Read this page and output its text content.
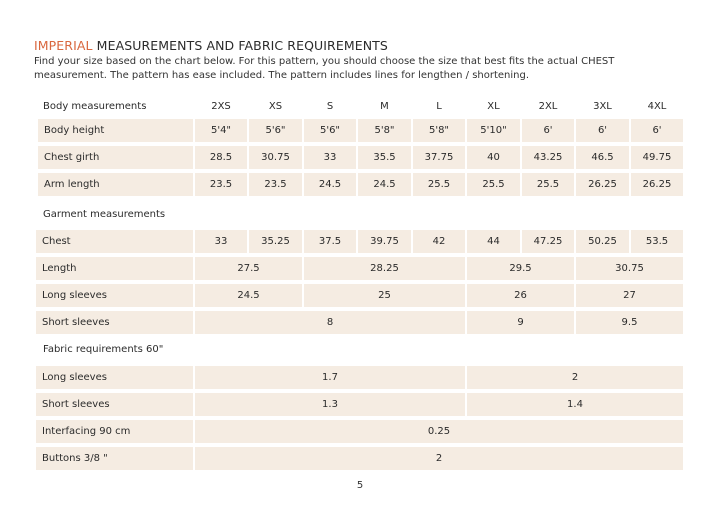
IMPERIAL MEASUREMENTS AND FABRIC REQUIREMENTS
Find your size based on the chart below. For this pattern, you should choose the size that best fits the actual CHEST measurement. The pattern has ease included. The pattern includes lines for lengthen / shortening.
Body measurements	2XS	XS	S	M	L	XL	2XL	3XL	4XL
Body height	5'4"	5'6"	5'6"	5'8"	5'8"	5'10"	6'	6'	6'
Chest girth	28.5	30.75	33	35.5	37.75	40	43.25	46.5	49.75
Arm length	23.5	23.5	24.5	24.5	25.5	25.5	25.5	26.25	26.25
Garment measurements
Chest	33	35.25	37.5	39.75	42	44	47.25	50.25	53.5
Length	27.5	28.25	29.5	30.75
Long sleeves	24.5	25	26	27
Short sleeves	8	9	9.5
Fabric requirements 60"
Long sleeves	1.7	2
Short sleeves	1.3	1.4
Interfacing 90 cm	0.25
Buttons 3/8 "	2
5
